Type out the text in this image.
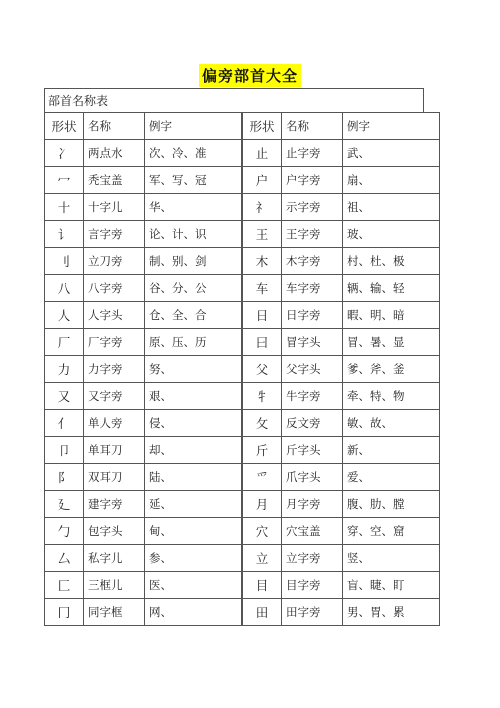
偏旁部首大全
部首名称表
形状	名称	例字	形状	名称	例字
冫	两点水	次、冷、准	止	止字旁	武、
冖	秃宝盖	军、写、冠	户	户字旁	扇、
十	十字儿	华、	礻	示字旁	祖、
讠	言字旁	论、计、识	王	王字旁	玻、
刂	立刀旁	制、别、剑	木	木字旁	村、杜、极
八	八字旁	谷、分、公	车	车字旁	辆、输、轻
人	人字头	仓、全、合	日	日字旁	暇、明、暗
厂	厂字旁	原、压、历	曰	冒字头	冒、暑、显
力	力字旁	努、	父	父字头	爹、斧、釜
又	又字旁	艰、	牜	牛字旁	牵、特、物
亻	单人旁	侵、	攵	反文旁	敏、故、
卩	单耳刀	却、	斤	斤字头	新、
阝	双耳刀	陆、	爫	爪字头	爱、
廴	建字旁	延、	月	月字旁	腹、肋、膛
勹	包字头	甸、	穴	穴宝盖	穿、空、窟
厶	私字儿	参、	立	立字旁	竖、
匚	三框儿	医、	目	目字旁	盲、睫、盯
冂	同字框	网、	田	田字旁	男、胃、累
